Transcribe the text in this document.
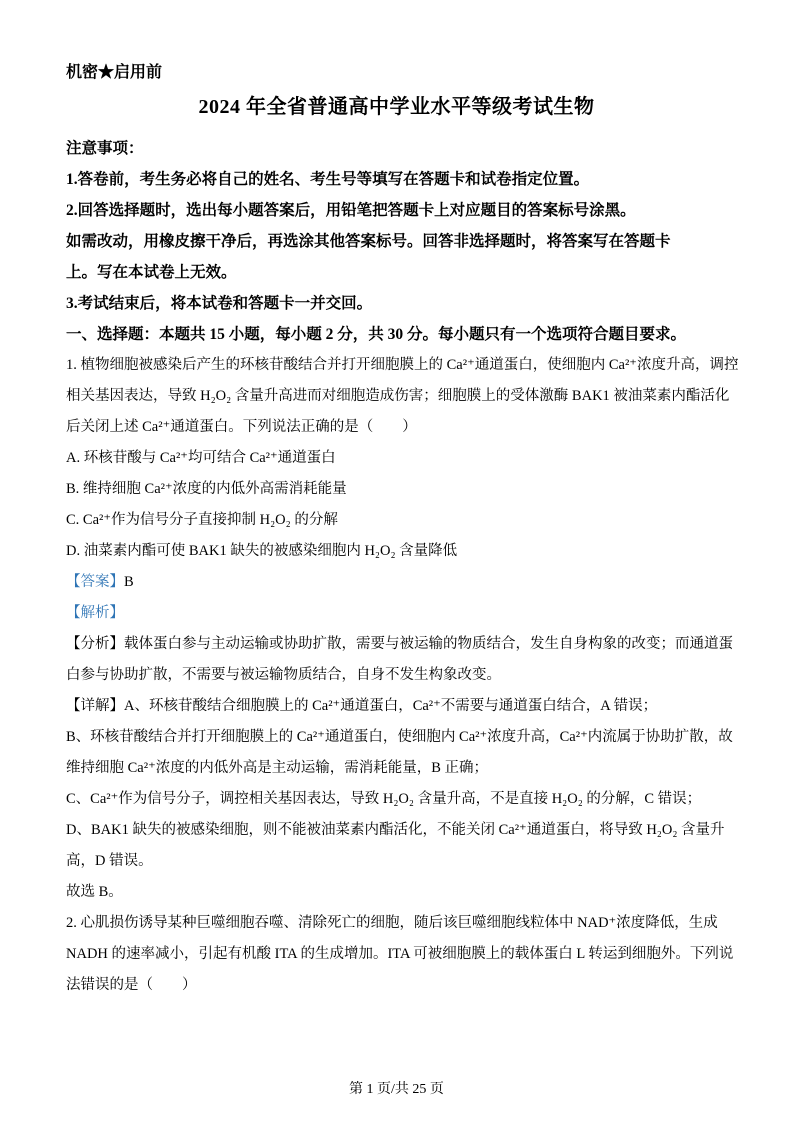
机密★启用前
2024 年全省普通高中学业水平等级考试生物
注意事项：
1.答卷前，考生务必将自己的姓名、考生号等填写在答题卡和试卷指定位置。
2.回答选择题时，选出每小题答案后，用铅笔把答题卡上对应题目的答案标号涂黑。
如需改动，用橡皮擦干净后，再选涂其他答案标号。回答非选择题时，将答案写在答题卡
上。写在本试卷上无效。
3.考试结束后，将本试卷和答题卡一并交回。
一、选择题：本题共 15 小题，每小题 2 分，共 30 分。每小题只有一个选项符合题目要求。
1. 植物细胞被感染后产生的环核苷酸结合并打开细胞膜上的 Ca²⁺通道蛋白，使细胞内 Ca²⁺浓度升高，调控
相关基因表达，导致 H₂O₂ 含量升高进而对细胞造成伤害；细胞膜上的受体激酶 BAK1 被油菜素内酯活化
后关闭上述 Ca²⁺通道蛋白。下列说法正确的是（　　）
A. 环核苷酸与 Ca²⁺均可结合 Ca²⁺通道蛋白
B. 维持细胞 Ca²⁺浓度的内低外高需消耗能量
C. Ca²⁺作为信号分子直接抑制 H₂O₂ 的分解
D. 油菜素内酯可使 BAK1 缺失的被感染细胞内 H₂O₂ 含量降低
【答案】B
【解析】
【分析】载体蛋白参与主动运输或协助扩散，需要与被运输的物质结合，发生自身构象的改变；而通道蛋
白参与协助扩散，不需要与被运输物质结合，自身不发生构象改变。
【详解】A、环核苷酸结合细胞膜上的 Ca²⁺通道蛋白，Ca²⁺不需要与通道蛋白结合，A 错误；
B、环核苷酸结合并打开细胞膜上的 Ca²⁺通道蛋白，使细胞内 Ca²⁺浓度升高，Ca²⁺内流属于协助扩散，故
维持细胞 Ca²⁺浓度的内低外高是主动运输，需消耗能量，B 正确；
C、Ca²⁺作为信号分子，调控相关基因表达，导致 H₂O₂ 含量升高，不是直接 H₂O₂ 的分解，C 错误；
D、BAK1 缺失的被感染细胞，则不能被油菜素内酯活化，不能关闭 Ca²⁺通道蛋白，将导致 H₂O₂ 含量升
高，D 错误。
故选 B。
2. 心肌损伤诱导某种巨噬细胞吞噬、清除死亡的细胞，随后该巨噬细胞线粒体中 NAD⁺浓度降低，生成
NADH 的速率减小，引起有机酸 ITA 的生成增加。ITA 可被细胞膜上的载体蛋白 L 转运到细胞外。下列说
法错误的是（　　）
第 1 页/共 25 页
